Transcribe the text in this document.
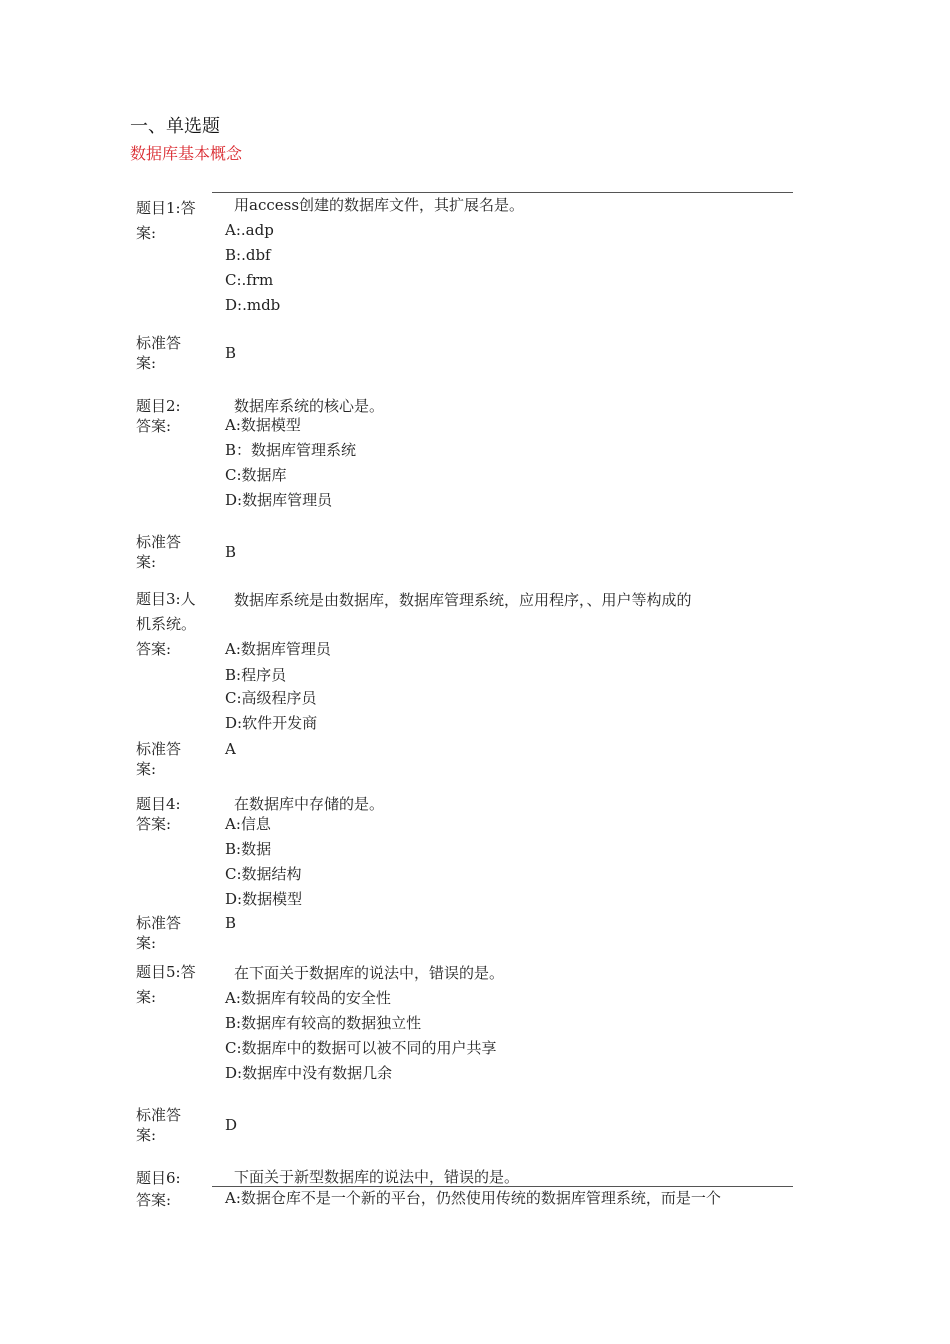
一、单选题
数据库基本概念
题目1:答
案:
用access创建的数据库文件，其扩展名是。
A:.adp
B:.dbf
C:.frm
D:.mdb
标准答
案:
B
题目2:
答案:
数据库系统的核心是。
A:数据模型
B：数据库管理系统
C:数据库
D:数据库管理员
标准答
案:
B
题目3:人
机系统。
答案:
数据库系统是由数据库，数据库管理系统，应用程序，、用户等构成的
A:数据库管理员
B:程序员
C:高级程序员
D:软件开发商
标准答
案:
A
题目4:
答案:
在数据库中存储的是。
A:信息
B:数据
C:数据结构
D:数据模型
标准答
案:
B
题目5:答
案:
在下面关于数据库的说法中，错误的是。
A:数据库有较咼的安全性
B:数据库有较高的数据独立性
C:数据库中的数据可以被不同的用户共享
D:数据库中没有数据几余
标准答
案:
D
题目6:
答案:
下面关于新型数据库的说法中，错误的是。
A:数据仓库不是一个新的平台，仍然使用传统的数据库管理系统，而是一个
